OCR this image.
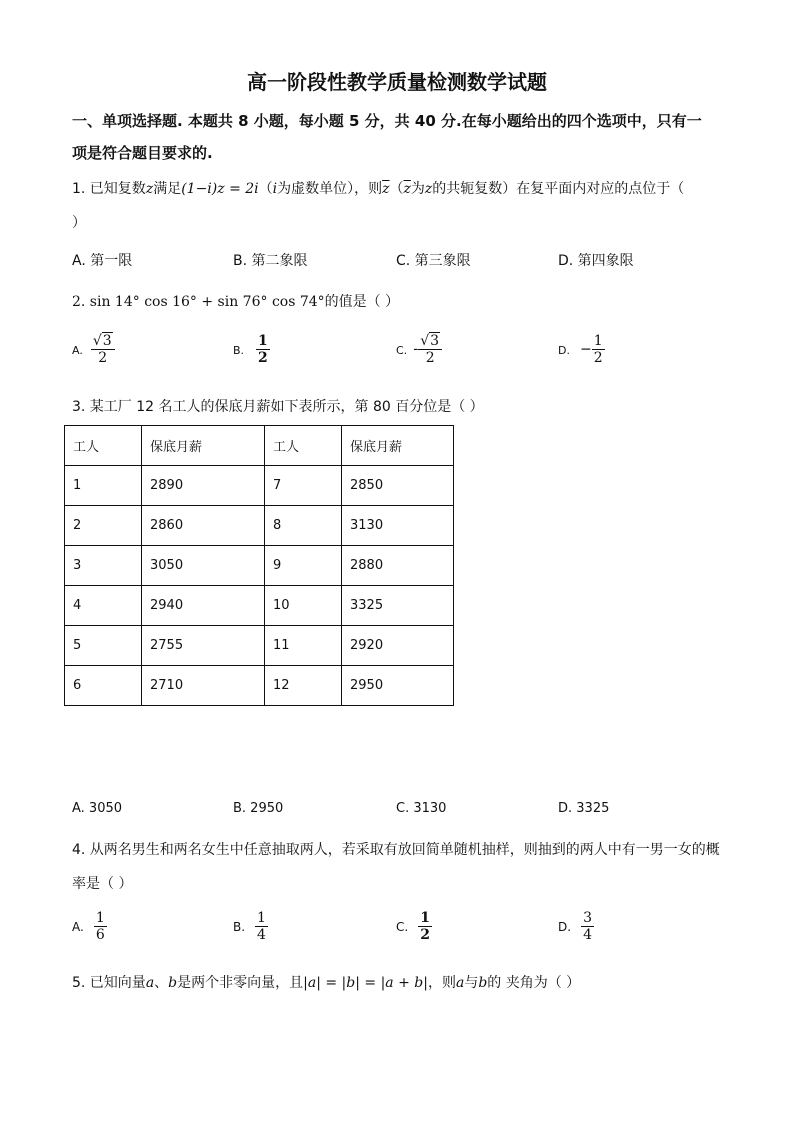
高一阶段性教学质量检测数学试题
一、单项选择题. 本题共 8 小题，每小题 5 分，共 40 分.在每小题给出的四个选项中，只有一
项是符合题目要求的.
1. 已知复数z满足(1−i)z = 2i（i为虚数单位），则$\overline{z}(\overline{z}$为z的共轭复数）在复平面内对应的点位于（
）
A. 第一限	B. 第二象限	C. 第三象限	D. 第四象限
2. sin 14° cos 16° + sin 76° cos 74°的值是（ ）
A. $\frac{√3}{2}$	B. $\frac{1}{2}$	C. - $\frac{√3}{2}$	D. − $\frac{1}{2}$
3. 某工厂 12 名工人的保底月薪如下表所示，第 80 百分位是（ ）
工人	保底月薪	工人	保底月薪
1	2890	7	2850
2	2860	8	3130
3	3050	9	2880
4	2940	10	3325
5	2755	11	2920
6	2710	12	2950
A. 3050	B. 2950	C. 3130	D. 3325
4. 从两名男生和两名女生中任意抽取两人，若采取有放回简单随机抽样，则抽到的两人中有一男一女的概
率是（ ）
A. $\frac{1}{6}$	B. $\frac{1}{4}$	C. $\frac{1}{2}$	D. $\frac{3}{4}$
5. 已知向量a、b是两个非零向量，且|a| = |b| = |a + b|，则a与b的 夹角为（ ）
